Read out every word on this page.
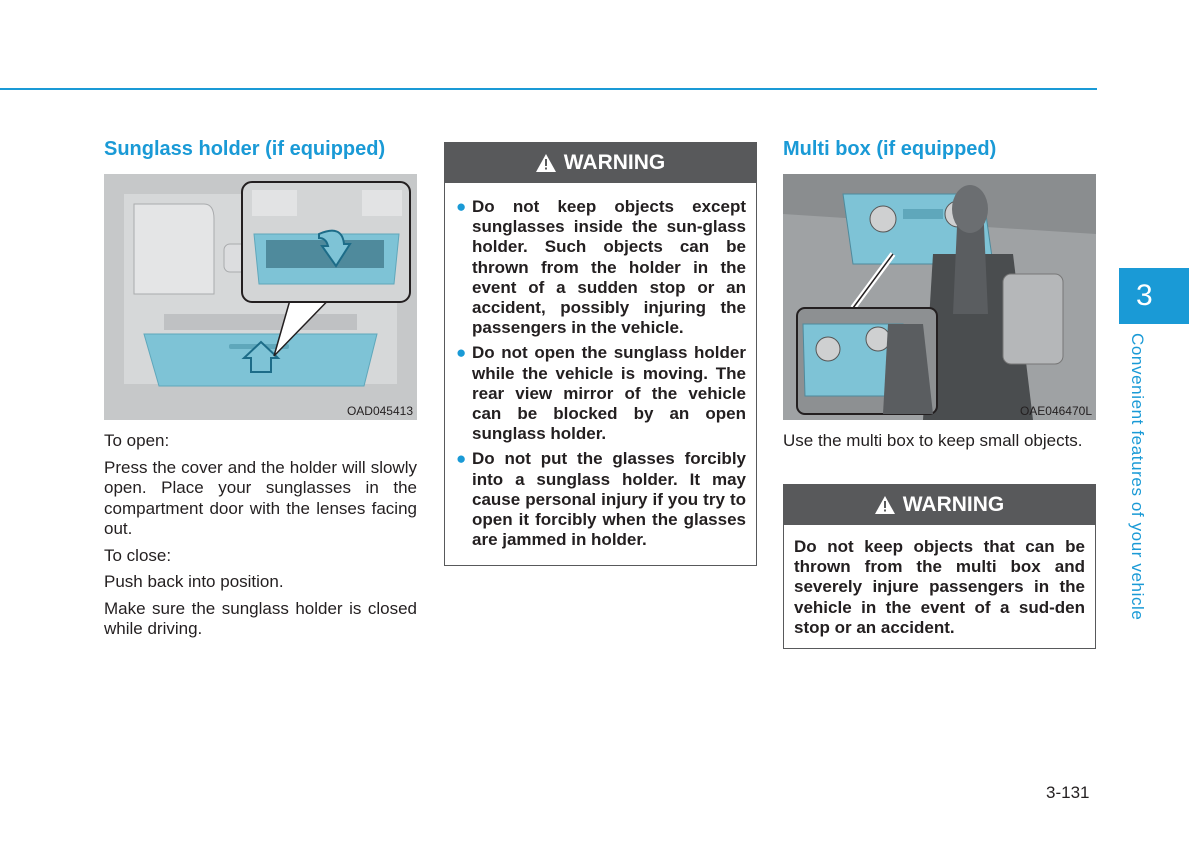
Sunglass holder (if equipped)
OAD045413

To open:

Press the cover and the holder will slowly open. Place your sunglasses in the compartment door with the lenses facing out.

To close:

Push back into position.

Make sure the sunglass holder is closed while driving.

WARNING
● Do not keep objects except sunglasses inside the sun-glass holder. Such objects can be thrown from the holder in the event of a sudden stop or an accident, possibly injuring the passengers in the vehicle.
● Do not open the sunglass holder while the vehicle is moving. The rear view mirror of the vehicle can be blocked by an open sunglass holder.
● Do not put the glasses forcibly into a sunglass holder. It may cause personal injury if you try to open it forcibly when the glasses are jammed in holder.
Multi box (if equipped)
OAE046470L

Use the multi box to keep small objects.

WARNING

Do not keep objects that can be thrown from the multi box and severely injure passengers in the vehicle in the event of a sud-den stop or an accident.

3
Convenient features of your vehicle
3-131
